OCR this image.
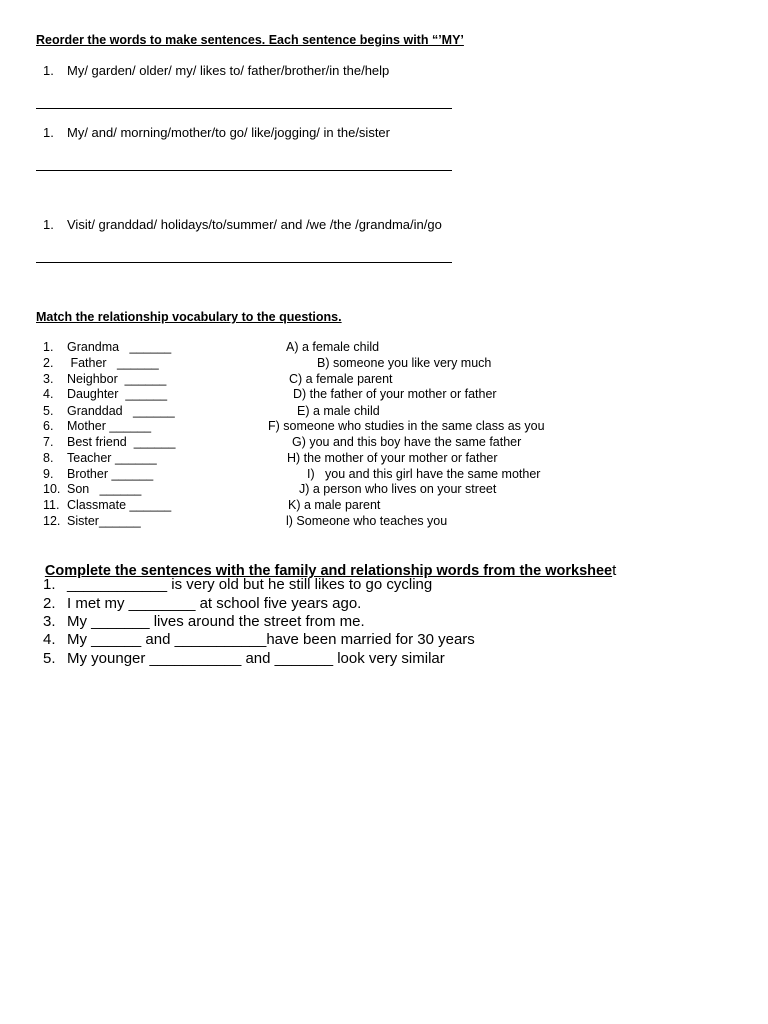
Reorder the words to make sentences. Each sentence begins with “’MY’
1. My/ garden/ older/ my/ likes to/ father/brother/in the/help
1. My/ and/ morning/mother/to go/ like/jogging/ in the/sister
1. Visit/ granddad/ holidays/to/summer/ and /we /the /grandma/in/go
Match the relationship vocabulary to the questions.
1. Grandma   ______
2. Father   ______
3. Neighbor  ______
4. Daughter  ______
5. Granddad   ______
6. Mother ______
7. Best friend  ______
8. Teacher ______
9. Brother ______
10. Son   ______
11. Classmate ______
12. Sister______
A) a female child
B) someone you like very much
C) a female parent
D) the father of your mother or father
E) a male child
F) someone who studies in the same class as you
G) you and this boy have the same father
H) the mother of your mother or father
I)   you and this girl have the same mother
J) a person who lives on your street
K) a male parent
l) Someone who teaches you

Complete the sentences with the family and relationship words from the worksheet

1. ____________ is very old but he still likes to go cycling
2. I met my ________ at school five years ago.
3. My _______ lives around the street from me.
4. My ______ and ___________have been married for 30 years
5. My younger ___________ and _______ look very similar
